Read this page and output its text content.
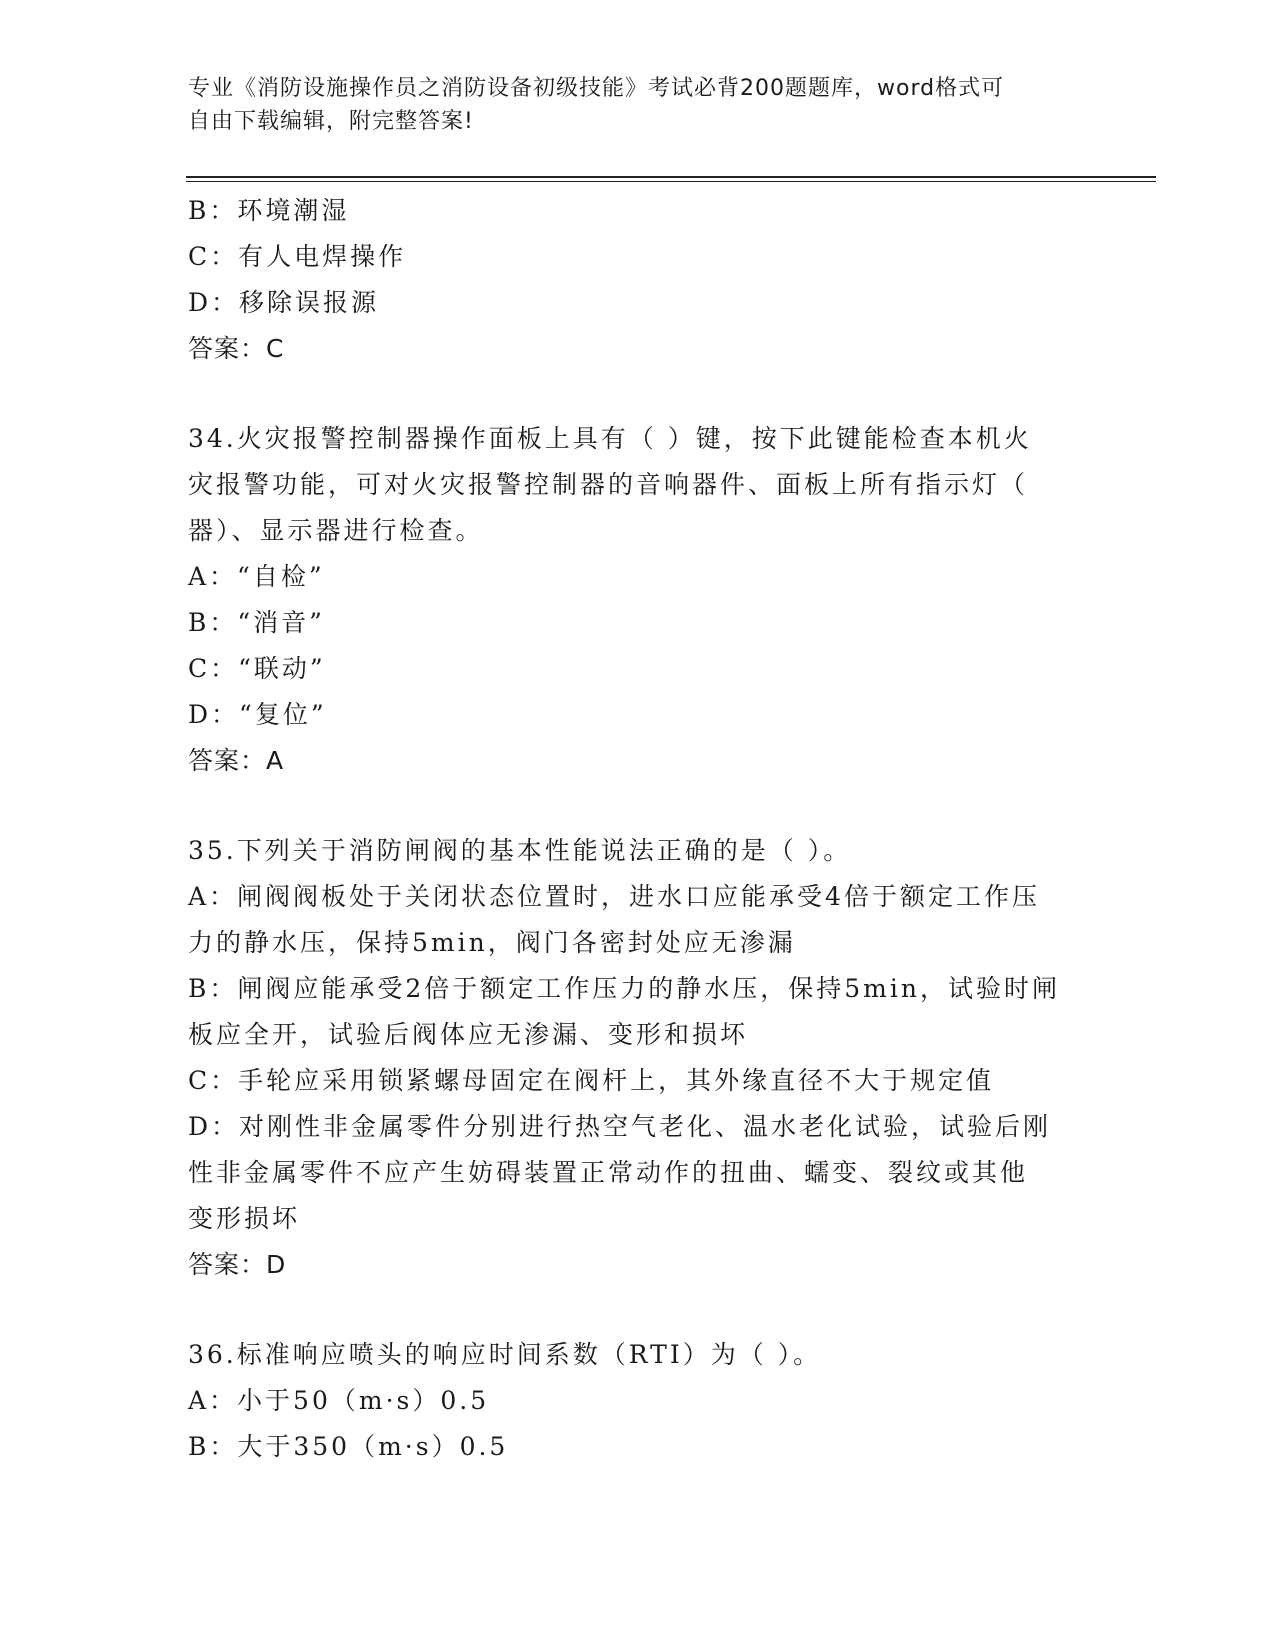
专业《消防设施操作员之消防设备初级技能》考试必背200题题库，word格式可

自由下载编辑，附完整答案!

B：环境潮湿

C：有人电焊操作

D：移除误报源

答案：C

34.火灾报警控制器操作面板上具有（ ）键，按下此键能检查本机火

灾报警功能，可对火灾报警控制器的音响器件、面板上所有指示灯（

器）、显示器进行检查。

A：“自检”

B：“消音”

C：“联动”

D：“复位”

答案：A

35.下列关于消防闸阀的基本性能说法正确的是（ ）。

A：闸阀阀板处于关闭状态位置时，进水口应能承受4倍于额定工作压

力的静水压，保持5min，阀门各密封处应无渗漏

B：闸阀应能承受2倍于额定工作压力的静水压，保持5min，试验时闸

板应全开，试验后阀体应无渗漏、变形和损坏

C：手轮应采用锁紧螺母固定在阀杆上，其外缘直径不大于规定值

D：对刚性非金属零件分别进行热空气老化、温水老化试验，试验后刚

性非金属零件不应产生妨碍装置正常动作的扭曲、蠕变、裂纹或其他

变形损坏

答案：D

36.标准响应喷头的响应时间系数（RTI）为（ ）。

A：小于50（m·s）0.5

B：大于350（m·s）0.5
